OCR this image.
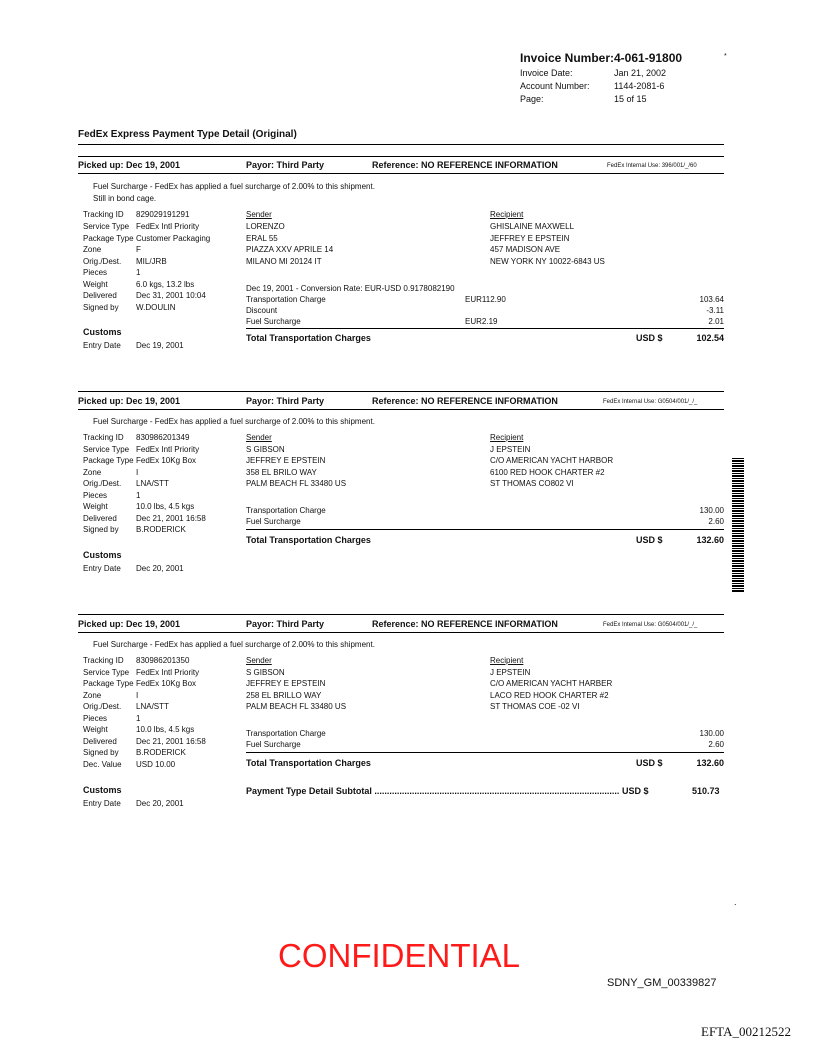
Invoice Number: 4-061-91800	*
Invoice Date:	Jan 21, 2002
Account Number:	1144-2081-6
Page:	15 of 15
FedEx Express Payment Type Detail (Original)
Picked up: Dec 19, 2001	Payor: Third Party	Reference: NO REFERENCE INFORMATION	FedEx Internal Use: 396/001/_/60
Fuel Surcharge - FedEx has applied a fuel surcharge of 2.00% to this shipment.
Still in bond cage.
Tracking ID 829029191291
Service Type FedEx Intl Priority
Package Type Customer Packaging
Zone	F
Orig./Dest. MIL/JRB
Pieces	1
Weight	6.0 kgs, 13.2 lbs
Delivered Dec 31, 2001 10:04
Signed by W.DOULIN
Customs
Entry Date Dec 19, 2001
Sender
LORENZO
ERAL 55
PIAZZA XXV APRILE 14
MILANO MI 20124 IT
Recipient
GHISLAINE MAXWELL
JEFFREY E EPSTEIN
457 MADISON AVE
NEW YORK NY 10022-6843 US
Dec 19, 2001 - Conversion Rate: EUR-USD 0.9178082190
Transportation Charge	EUR112.90	103.64
Discount	-3.11
Fuel Surcharge	EUR2.19	2.01
Total Transportation Charges	USD $	102.54
Picked up: Dec 19, 2001	Payor: Third Party	Reference: NO REFERENCE INFORMATION	FedEx Internal Use: G0504/001/_/_
Fuel Surcharge - FedEx has applied a fuel surcharge of 2.00% to this shipment.
Tracking ID 830986201349
Service Type FedEx Intl Priority
Package Type FedEx 10Kg Box
Zone	I
Orig./Dest. LNA/STT
Pieces	1
Weight	10.0 lbs, 4.5 kgs
Delivered Dec 21, 2001 16:58
Signed by B.RODERICK
Customs
Entry Date Dec 20, 2001
Sender
S GIBSON
JEFFREY E EPSTEIN
358 EL BRILO WAY
PALM BEACH FL 33480 US
Recipient
J EPSTEIN
C/O AMERICAN YACHT HARBOR
6100 RED HOOK CHARTER #2
ST THOMAS CO802 VI
Transportation Charge	130.00
Fuel Surcharge	2.60
Total Transportation Charges	USD $	132.60
Picked up: Dec 19, 2001	Payor: Third Party	Reference: NO REFERENCE INFORMATION	FedEx Internal Use: G0504/001/_/_
Fuel Surcharge - FedEx has applied a fuel surcharge of 2.00% to this shipment.
Tracking ID 830986201350
Service Type FedEx Intl Priority
Package Type FedEx 10Kg Box
Zone	I
Orig./Dest. LNA/STT
Pieces	1
Weight	10.0 lbs, 4.5 kgs
Delivered Dec 21, 2001 16:58
Signed by B.RODERICK
Dec. Value USD 10.00
Customs
Entry Date Dec 20, 2001
Sender
S GIBSON
JEFFREY E EPSTEIN
258 EL BRILLO WAY
PALM BEACH FL 33480 US
Recipient
J EPSTEIN
C/O AMERICAN YACHT HARBER
LACO RED HOOK CHARTER #2
ST THOMAS COE -02 VI
Transportation Charge	130.00
Fuel Surcharge	2.60
Total Transportation Charges	USD $	132.60
Payment Type Detail Subtotal .................................................................................................. USD $	510.73
.
CONFIDENTIAL
SDNY_GM_00339827
EFTA_00212522
